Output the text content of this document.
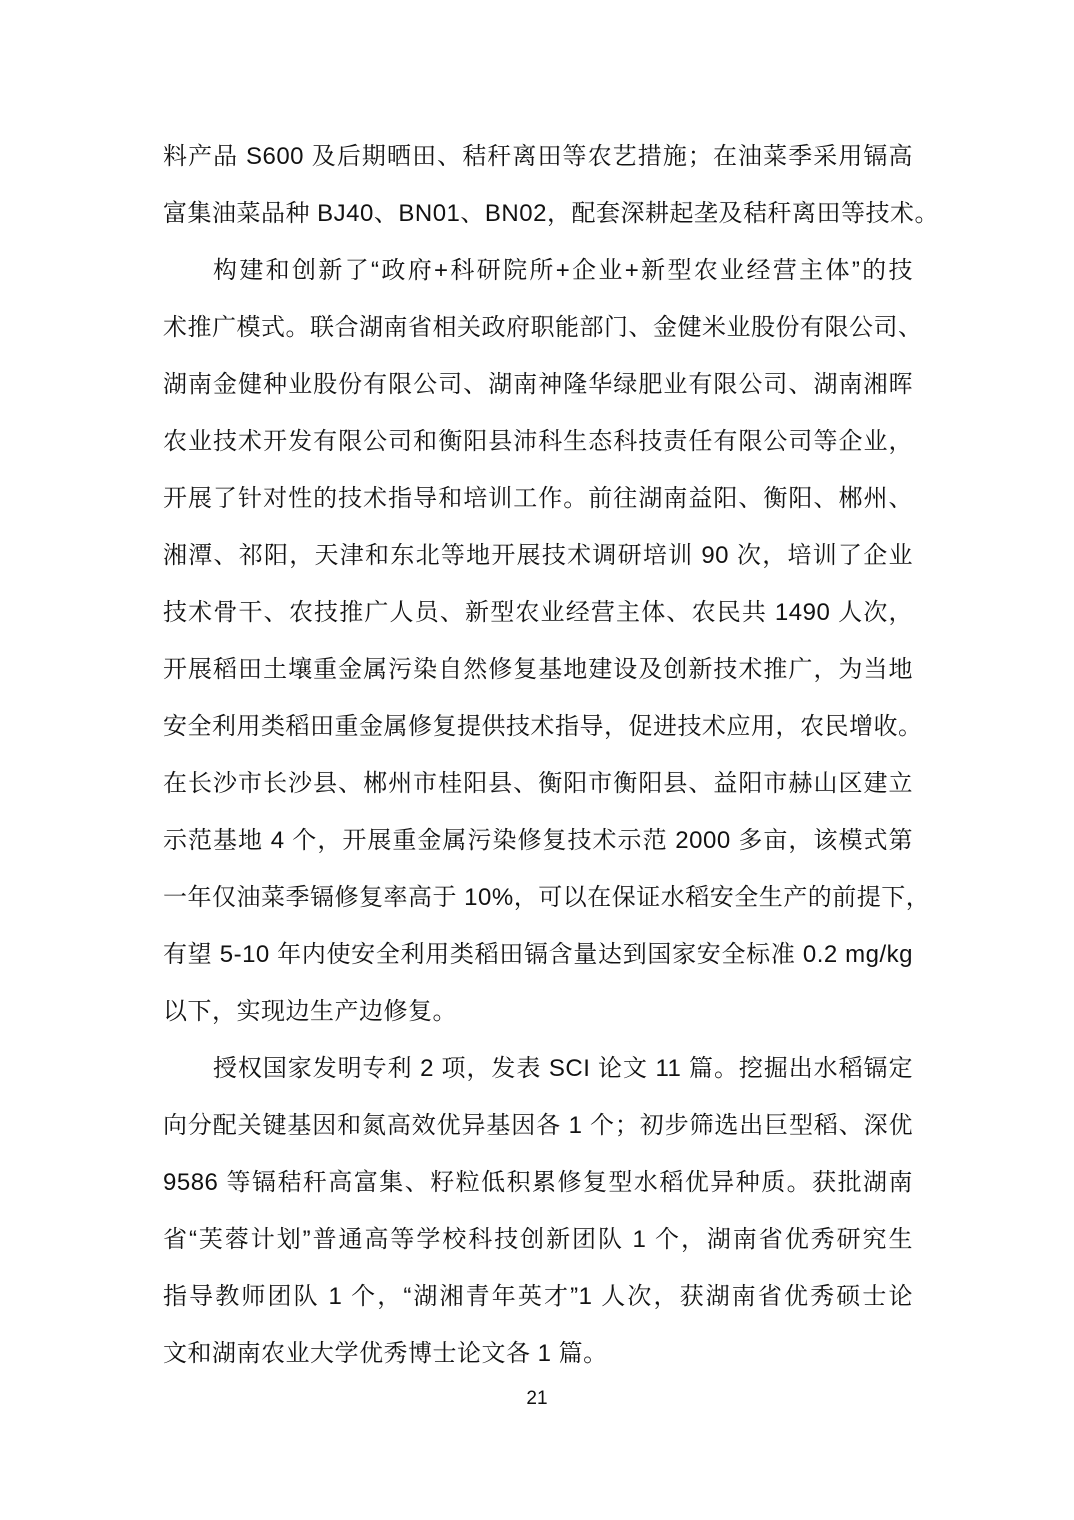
料产品 S600 及后期晒田、秸秆离田等农艺措施；在油菜季采用镉高
富集油菜品种 BJ40、BN01、BN02，配套深耕起垄及秸秆离田等技术。
构建和创新了“政府+科研院所+企业+新型农业经营主体”的技
术推广模式。联合湖南省相关政府职能部门、金健米业股份有限公司、
湖南金健种业股份有限公司、湖南神隆华绿肥业有限公司、湖南湘晖
农业技术开发有限公司和衡阳县沛科生态科技责任有限公司等企业，
开展了针对性的技术指导和培训工作。前往湖南益阳、衡阳、郴州、
湘潭、祁阳，天津和东北等地开展技术调研培训 90 次，培训了企业
技术骨干、农技推广人员、新型农业经营主体、农民共 1490 人次，
开展稻田土壤重金属污染自然修复基地建设及创新技术推广，为当地
安全利用类稻田重金属修复提供技术指导，促进技术应用，农民增收。
在长沙市长沙县、郴州市桂阳县、衡阳市衡阳县、益阳市赫山区建立
示范基地 4 个，开展重金属污染修复技术示范 2000 多亩，该模式第
一年仅油菜季镉修复率高于 10%，可以在保证水稻安全生产的前提下，
有望 5-10 年内使安全利用类稻田镉含量达到国家安全标准 0.2 mg/kg
以下，实现边生产边修复。
授权国家发明专利 2 项，发表 SCI 论文 11 篇。挖掘出水稻镉定
向分配关键基因和氮高效优异基因各 1 个；初步筛选出巨型稻、深优
9586 等镉秸秆高富集、籽粒低积累修复型水稻优异种质。获批湖南
省“芙蓉计划”普通高等学校科技创新团队 1 个，湖南省优秀研究生
指导教师团队 1 个，“湖湘青年英才”1 人次，获湖南省优秀硕士论
文和湖南农业大学优秀博士论文各 1 篇。
21
